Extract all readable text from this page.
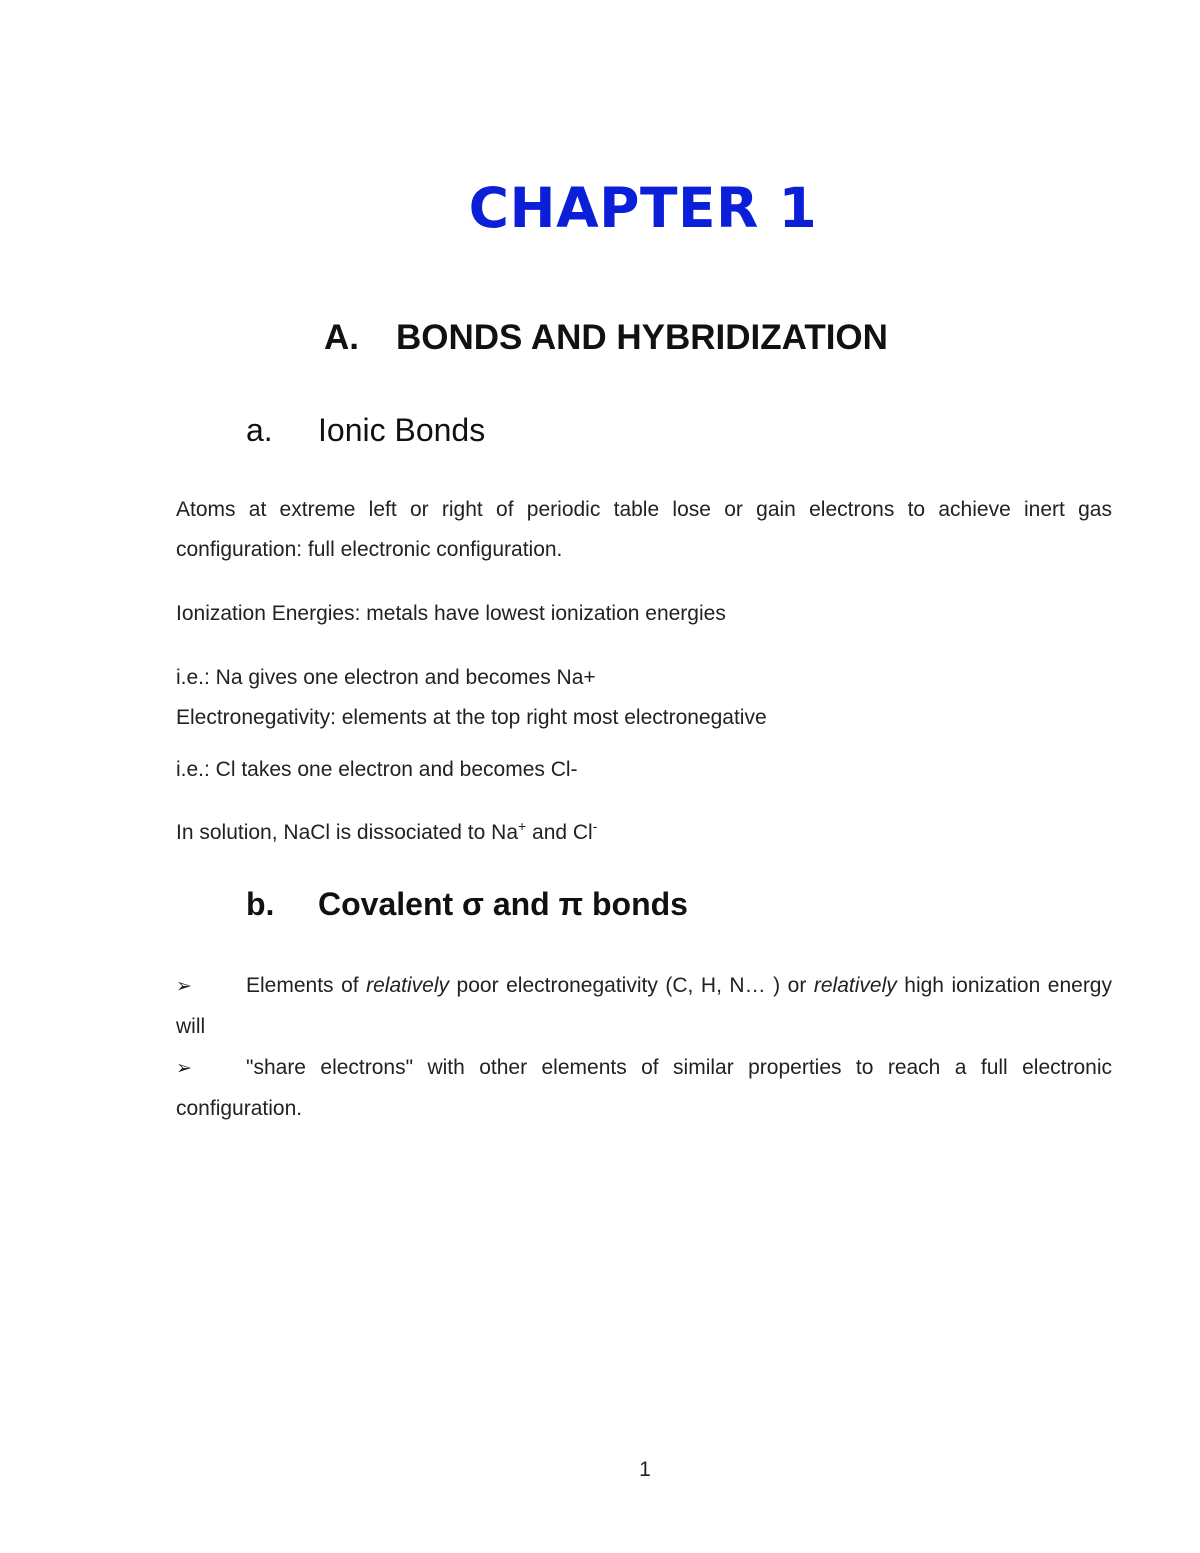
CHAPTER 1
A.	BONDS AND HYBRIDIZATION
a.	Ionic Bonds
Atoms at extreme left or right of periodic table lose or gain electrons to achieve inert gas configuration: full electronic configuration.
Ionization Energies: metals have lowest ionization energies
i.e.: Na gives one electron and becomes Na+
Electronegativity: elements at the top right most electronegative
i.e.: Cl takes one electron and becomes Cl-
In solution, NaCl is dissociated to Na+ and Cl-
b.	Covalent σ and π bonds
➢	Elements of relatively poor electronegativity (C, H, N… ) or relatively high ionization energy will
➢	"share electrons" with other elements of similar properties to reach a full electronic configuration.
1
